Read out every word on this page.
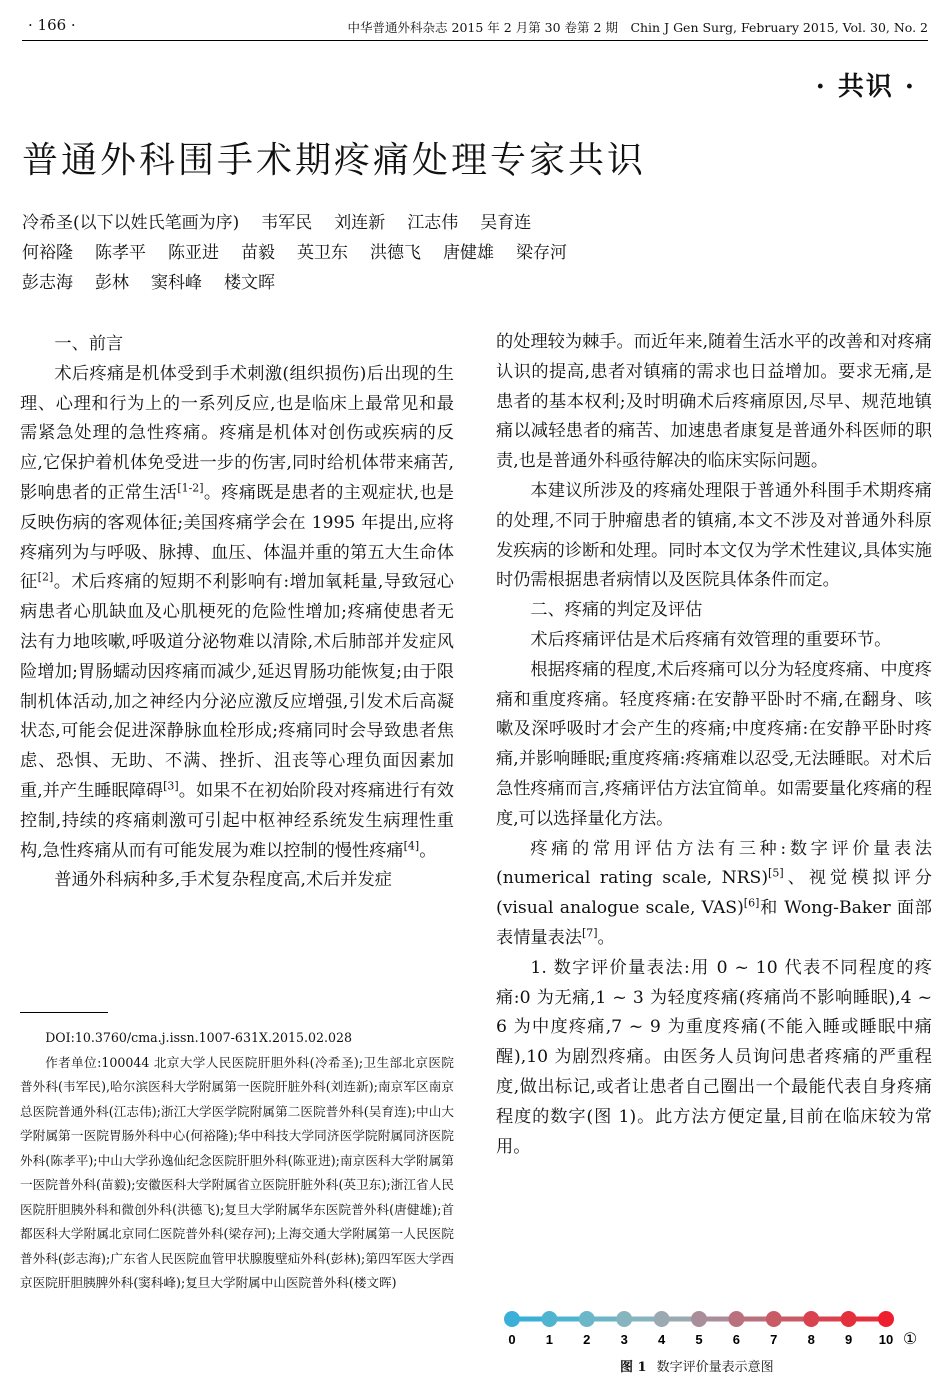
· 166 ·	中华普通外科杂志 2015 年 2 月第 30 卷第 2 期　Chin J Gen Surg, February 2015, Vol. 30, No. 2
· 共识 ·
普通外科围手术期疼痛处理专家共识
冷希圣(以下以姓氏笔画为序) 韦军民 刘连新 江志伟 吴育连
何裕隆 陈孝平 陈亚进 苗毅 英卫东 洪德飞 唐健雄 梁存河
彭志海 彭林 窦科峰 楼文晖
一、前言

术后疼痛是机体受到手术刺激(组织损伤)后出现的生理、心理和行为上的一系列反应,也是临床上最常见和最需紧急处理的急性疼痛。疼痛是机体对创伤或疾病的反应,它保护着机体免受进一步的伤害,同时给机体带来痛苦,影响患者的正常生活[1-2]。疼痛既是患者的主观症状,也是反映伤病的客观体征;美国疼痛学会在 1995 年提出,应将疼痛列为与呼吸、脉搏、血压、体温并重的第五大生命体征[2]。术后疼痛的短期不利影响有:增加氧耗量,导致冠心病患者心肌缺血及心肌梗死的危险性增加;疼痛使患者无法有力地咳嗽,呼吸道分泌物难以清除,术后肺部并发症风险增加;胃肠蠕动因疼痛而减少,延迟胃肠功能恢复;由于限制机体活动,加之神经内分泌应激反应增强,引发术后高凝状态,可能会促进深静脉血栓形成;疼痛同时会导致患者焦虑、恐惧、无助、不满、挫折、沮丧等心理负面因素加重,并产生睡眠障碍[3]。如果不在初始阶段对疼痛进行有效控制,持续的疼痛刺激可引起中枢神经系统发生病理性重构,急性疼痛从而有可能发展为难以控制的慢性疼痛[4]。

普通外科病种多,手术复杂程度高,术后并发症

DOI:10.3760/cma.j.issn.1007-631X.2015.02.028

作者单位:100044 北京大学人民医院肝胆外科(冷希圣);卫生部北京医院普外科(韦军民),哈尔滨医科大学附属第一医院肝脏外科(刘连新);南京军区南京总医院普通外科(江志伟);浙江大学医学院附属第二医院普外科(吴育连);中山大学附属第一医院胃肠外科中心(何裕隆);华中科技大学同济医学院附属同济医院外科(陈孝平);中山大学孙逸仙纪念医院肝胆外科(陈亚进);南京医科大学附属第一医院普外科(苗毅);安徽医科大学附属省立医院肝脏外科(英卫东);浙江省人民医院肝胆胰外科和微创外科(洪德飞);复旦大学附属华东医院普外科(唐健雄);首都医科大学附属北京同仁医院普外科(梁存河);上海交通大学附属第一人民医院普外科(彭志海);广东省人民医院血管甲状腺腹壁疝外科(彭林);第四军医大学西京医院肝胆胰脾外科(窦科峰);复旦大学附属中山医院普外科(楼文晖)

的处理较为棘手。而近年来,随着生活水平的改善和对疼痛认识的提高,患者对镇痛的需求也日益增加。要求无痛,是患者的基本权利;及时明确术后疼痛原因,尽早、规范地镇痛以减轻患者的痛苦、加速患者康复是普通外科医师的职责,也是普通外科亟待解决的临床实际问题。

本建议所涉及的疼痛处理限于普通外科围手术期疼痛的处理,不同于肿瘤患者的镇痛,本文不涉及对普通外科原发疾病的诊断和处理。同时本文仅为学术性建议,具体实施时仍需根据患者病情以及医院具体条件而定。

二、疼痛的判定及评估

术后疼痛评估是术后疼痛有效管理的重要环节。

根据疼痛的程度,术后疼痛可以分为轻度疼痛、中度疼痛和重度疼痛。轻度疼痛:在安静平卧时不痛,在翻身、咳嗽及深呼吸时才会产生的疼痛;中度疼痛:在安静平卧时疼痛,并影响睡眠;重度疼痛:疼痛难以忍受,无法睡眠。对术后急性疼痛而言,疼痛评估方法宜简单。如需要量化疼痛的程度,可以选择量化方法。

疼痛的常用评估方法有三种:数字评价量表法(numerical rating scale, NRS)[5]、视觉模拟评分(visual analogue scale, VAS)[6]和 Wong-Baker 面部表情量表法[7]。

1. 数字评价量表法:用 0 ~ 10 代表不同程度的疼痛:0 为无痛,1 ~ 3 为轻度疼痛(疼痛尚不影响睡眠),4 ~ 6 为中度疼痛,7 ~ 9 为重度疼痛(不能入睡或睡眠中痛醒),10 为剧烈疼痛。由医务人员询问患者疼痛的严重程度,做出标记,或者让患者自己圈出一个最能代表自身疼痛程度的数字(图 1)。此方法方便定量,目前在临床较为常用。

0 1 2 3 4 5 6 7 8 9 10 ①
图 1 数字评价量表示意图
